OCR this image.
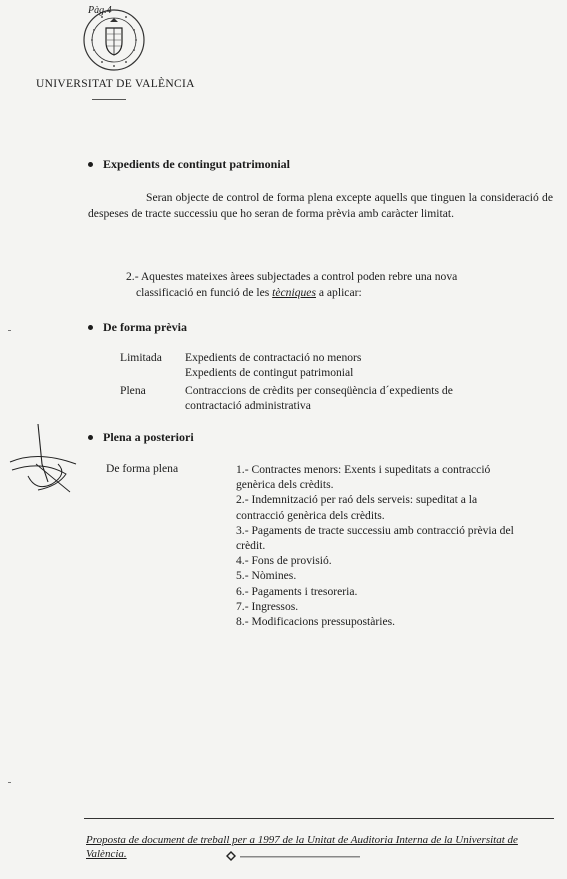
Pàg.4
UNIVERSITAT DE VALÈNCIA
Expedients de contingut patrimonial
Seran objecte de control de forma plena excepte aquells que tinguen la consideració de despeses de tracte successiu que ho seran de forma prèvia amb caràcter limitat.
2.- Aquestes mateixes àrees subjectades a control poden rebre una nova
classificació en funció de les tècniques a aplicar:
De forma prèvia
Limitada Expedients de contractació no menors
Expedients de contingut patrimonial
Plena	Contraccions de crèdits per conseqüència d´expedients de
contractació administrativa
Plena a posteriori
De forma plena	1.- Contractes menors: Exents i supeditats a contracció
genèrica dels crèdits.
2.- Indemnització per raó dels serveis: supeditat a la
contracció genèrica dels crèdits.
3.- Pagaments de tracte successiu amb contracció prèvia del
crèdit.
4.- Fons de provisió.
5.- Nòmines.
6.- Pagaments i tresoreria.
7.- Ingressos.
8.- Modificacions pressupostàries.
Proposta de document de treball per a 1997 de la Unitat de Auditoria Interna de la Universitat de
València.
